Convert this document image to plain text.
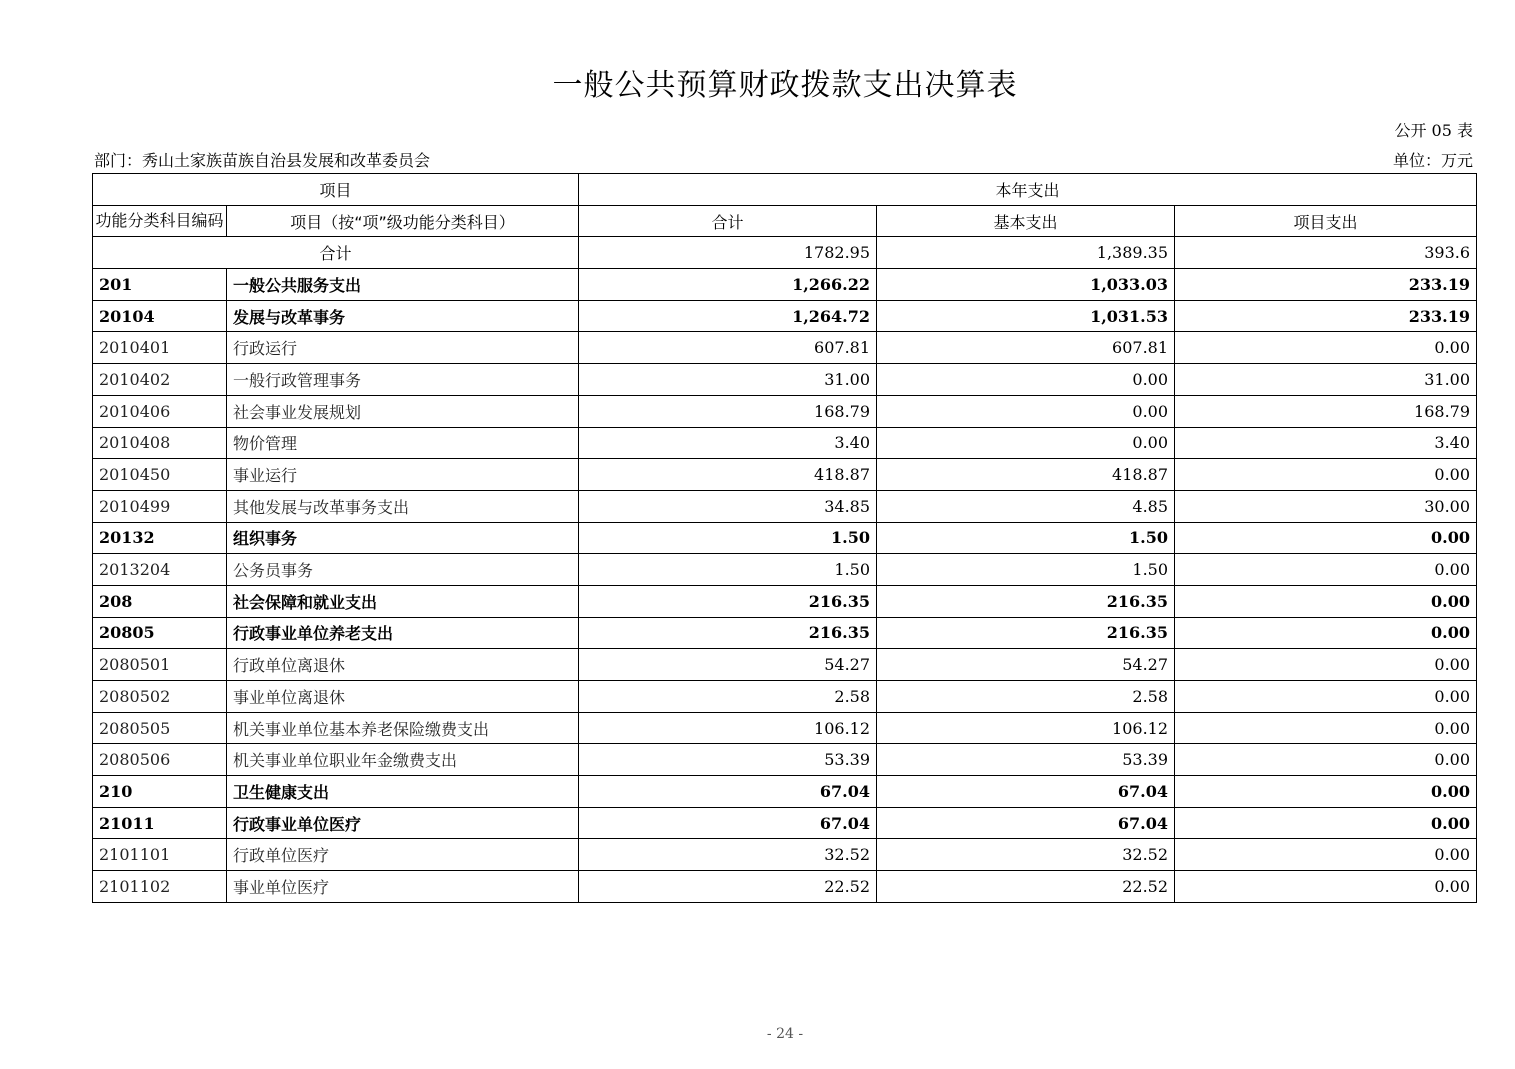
一般公共预算财政拨款支出决算表
公开 05 表
部门：秀山土家族苗族自治县发展和改革委员会	单位：万元
项目		本年支出		
功能分类科目编码	项目（按“项”级功能分类科目）	合计	基本支出	项目支出
合计		1782.95	1,389.35	393.6
201	一般公共服务支出	1,266.22	1,033.03	233.19
20104	发展与改革事务	1,264.72	1,031.53	233.19
2010401	行政运行	607.81	607.81	0.00
2010402	一般行政管理事务	31.00	0.00	31.00
2010406	社会事业发展规划	168.79	0.00	168.79
2010408	物价管理	3.40	0.00	3.40
2010450	事业运行	418.87	418.87	0.00
2010499	其他发展与改革事务支出	34.85	4.85	30.00
20132	组织事务	1.50	1.50	0.00
2013204	公务员事务	1.50	1.50	0.00
208	社会保障和就业支出	216.35	216.35	0.00
20805	行政事业单位养老支出	216.35	216.35	0.00
2080501	行政单位离退休	54.27	54.27	0.00
2080502	事业单位离退休	2.58	2.58	0.00
2080505	机关事业单位基本养老保险缴费支出	106.12	106.12	0.00
2080506	机关事业单位职业年金缴费支出	53.39	53.39	0.00
210	卫生健康支出	67.04	67.04	0.00
21011	行政事业单位医疗	67.04	67.04	0.00
2101101	行政单位医疗	32.52	32.52	0.00
2101102	事业单位医疗	22.52	22.52	0.00
- 24 -
